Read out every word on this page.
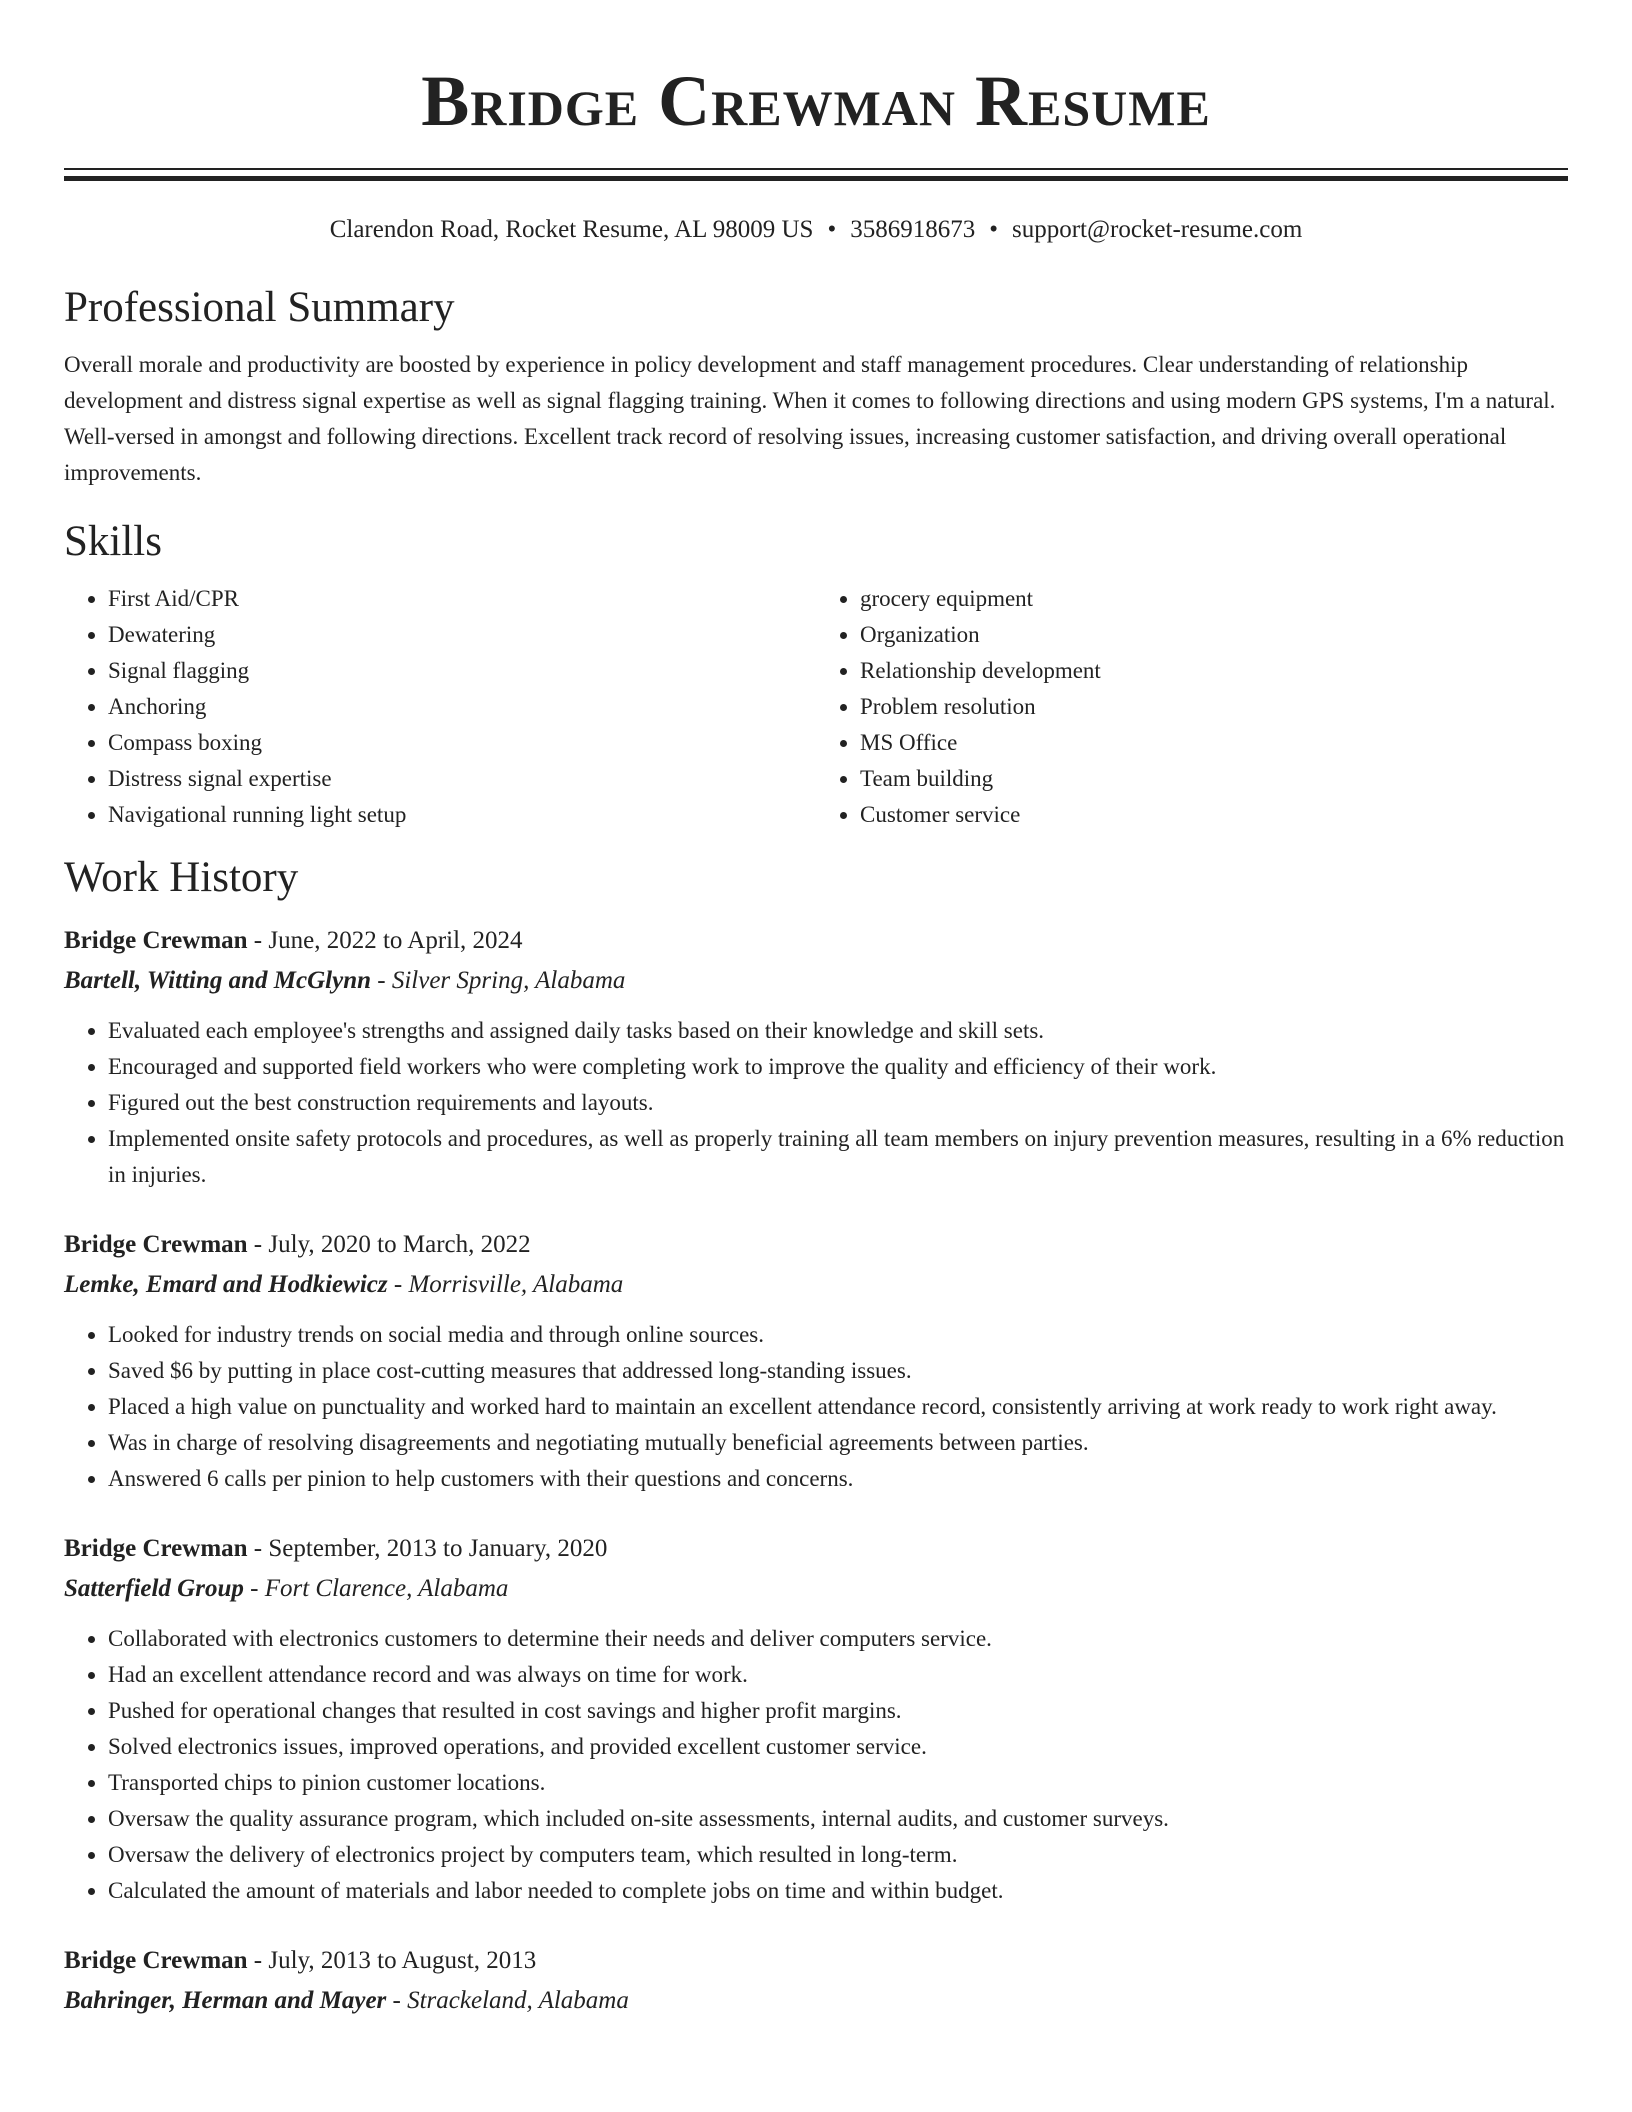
Bridge Crewman Resume
Clarendon Road, Rocket Resume, AL 98009 US • 3586918673 • support@rocket-resume.com
Professional Summary
Overall morale and productivity are boosted by experience in policy development and staff management procedures. Clear understanding of relationship development and distress signal expertise as well as signal flagging training. When it comes to following directions and using modern GPS systems, I'm a natural. Well-versed in amongst and following directions. Excellent track record of resolving issues, increasing customer satisfaction, and driving overall operational improvements.
Skills
• First Aid/CPR
• Dewatering
• Signal flagging
• Anchoring
• Compass boxing
• Distress signal expertise
• Navigational running light setup
• grocery equipment
• Organization
• Relationship development
• Problem resolution
• MS Office
• Team building
• Customer service
Work History
Bridge Crewman - June, 2022 to April, 2024
Bartell, Witting and McGlynn - Silver Spring, Alabama
• Evaluated each employee's strengths and assigned daily tasks based on their knowledge and skill sets.
• Encouraged and supported field workers who were completing work to improve the quality and efficiency of their work.
• Figured out the best construction requirements and layouts.
• Implemented onsite safety protocols and procedures, as well as properly training all team members on injury prevention measures, resulting in a 6% reduction in injuries.
Bridge Crewman - July, 2020 to March, 2022
Lemke, Emard and Hodkiewicz - Morrisville, Alabama
• Looked for industry trends on social media and through online sources.
• Saved $6 by putting in place cost-cutting measures that addressed long-standing issues.
• Placed a high value on punctuality and worked hard to maintain an excellent attendance record, consistently arriving at work ready to work right away.
• Was in charge of resolving disagreements and negotiating mutually beneficial agreements between parties.
• Answered 6 calls per pinion to help customers with their questions and concerns.
Bridge Crewman - September, 2013 to January, 2020
Satterfield Group - Fort Clarence, Alabama
• Collaborated with electronics customers to determine their needs and deliver computers service.
• Had an excellent attendance record and was always on time for work.
• Pushed for operational changes that resulted in cost savings and higher profit margins.
• Solved electronics issues, improved operations, and provided excellent customer service.
• Transported chips to pinion customer locations.
• Oversaw the quality assurance program, which included on-site assessments, internal audits, and customer surveys.
• Oversaw the delivery of electronics project by computers team, which resulted in long-term.
• Calculated the amount of materials and labor needed to complete jobs on time and within budget.
Bridge Crewman - July, 2013 to August, 2013
Bahringer, Herman and Mayer - Strackeland, Alabama
